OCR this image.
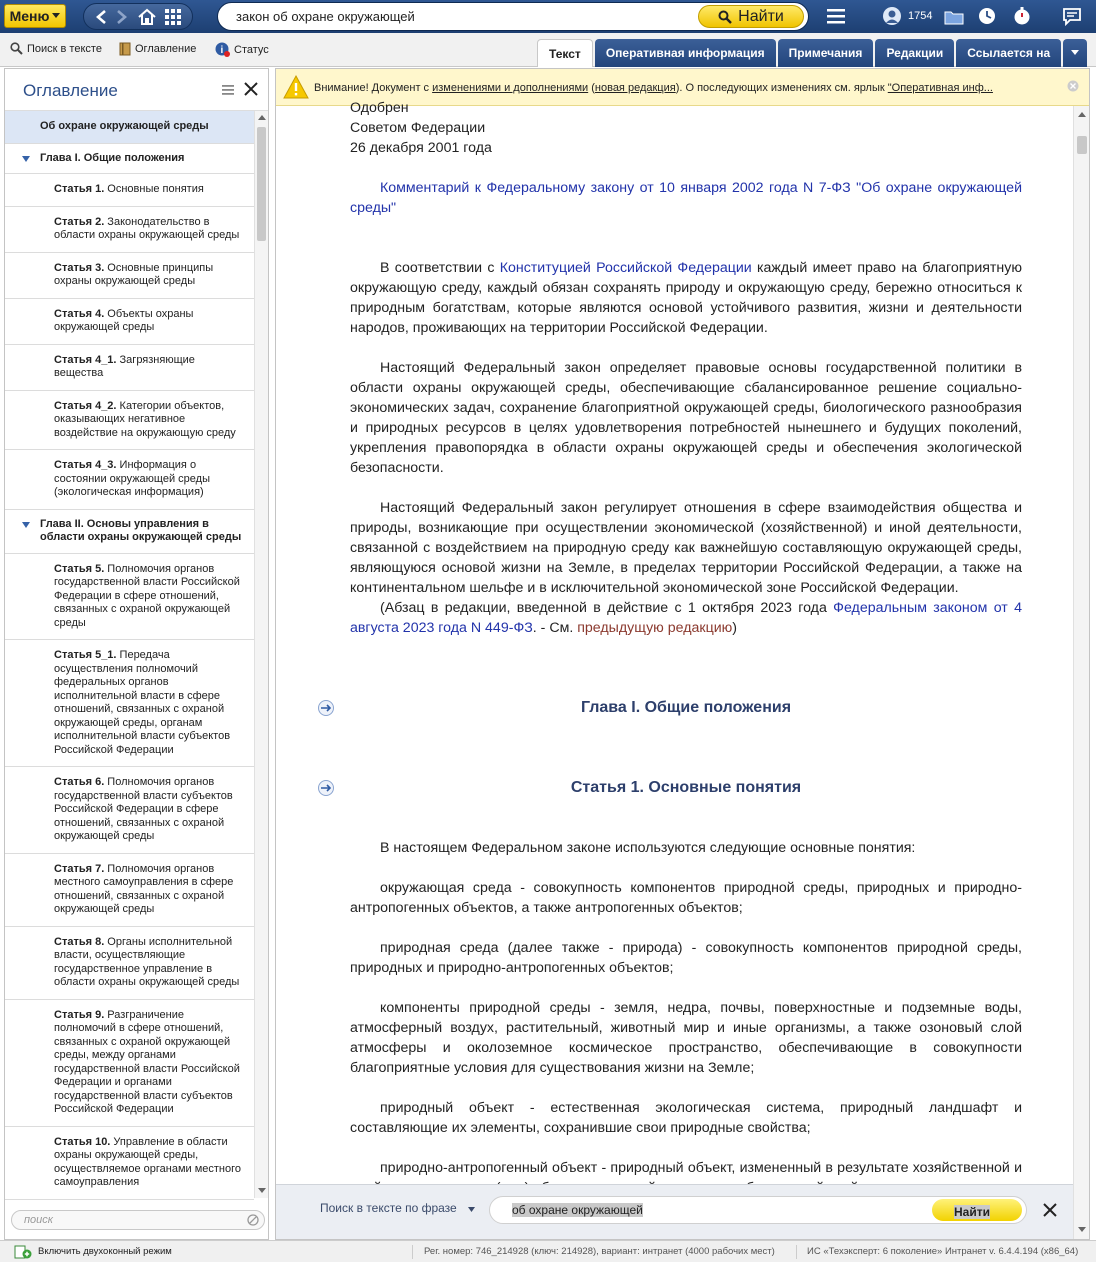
Меню	закон об охране окружающей	Найти	1754
Поиск в тексте	Оглавление i Статус	Текст	Оперативная информация	Примечания	Редакции	Ссылается на
Оглавление
Об охране окружающей среды
Глава I. Общие положения
Статья 1. Основные понятия
Статья 2. Законодательство в области охраны окружающей среды
Статья 3. Основные принципы охраны окружающей среды
Статья 4. Объекты охраны окружающей среды
Статья 4_1. Загрязняющие вещества
Статья 4_2. Категории объектов, оказывающих негативное воздействие на окружающую среду
Статья 4_3. Информация о состоянии окружающей среды (экологическая информация)
Глава II. Основы управления в области охраны окружающей среды
Статья 5. Полномочия органов государственной власти Российской Федерации в сфере отношений, связанных с охраной окружающей среды
Статья 5_1. Передача осуществления полномочий федеральных органов исполнительной власти в сфере отношений, связанных с охраной окружающей среды, органам исполнительной власти субъектов Российской Федерации
Статья 6. Полномочия органов государственной власти субъектов Российской Федерации в сфере отношений, связанных с охраной окружающей среды
Статья 7. Полномочия органов местного самоуправления в сфере отношений, связанных с охраной окружающей среды
Статья 8. Органы исполнительной власти, осуществляющие государственное управление в области охраны окружающей среды
Статья 9. Разграничение полномочий в сфере отношений, связанных с охраной окружающей среды, между органами государственной власти Российской Федерации и органами государственной власти субъектов Российской Федерации
Статья 10. Управление в области охраны окружающей среды, осуществляемое органами местного самоуправления
поиск
Внимание! Документ с изменениями и дополнениями (новая редакция). О последующих изменениях см. ярлык "Оперативная инф...

Одобрен

Советом Федерации

26 декабря 2001 года

Комментарий к Федеральному закону от 10 января 2002 года N 7-ФЗ "Об охране окружающей среды"

В соответствии с Конституцией Российской Федерации каждый имеет право на благоприятную окружающую среду, каждый обязан сохранять природу и окружающую среду, бережно относиться к природным богатствам, которые являются основой устойчивого развития, жизни и деятельности народов, проживающих на территории Российской Федерации.

Настоящий Федеральный закон определяет правовые основы государственной политики в области охраны окружающей среды, обеспечивающие сбалансированное решение социально-экономических задач, сохранение благоприятной окружающей среды, биологического разнообразия и природных ресурсов в целях удовлетворения потребностей нынешнего и будущих поколений, укрепления правопорядка в области охраны окружающей среды и обеспечения экологической безопасности.

Настоящий Федеральный закон регулирует отношения в сфере взаимодействия общества и природы, возникающие при осуществлении экономической (хозяйственной) и иной деятельности, связанной с воздействием на природную среду как важнейшую составляющую окружающей среды, являющуюся основой жизни на Земле, в пределах территории Российской Федерации, а также на континентальном шельфе и в исключительной экономической зоне Российской Федерации.

(Абзац в редакции, введенной в действие с 1 октября 2023 года Федеральным законом от 4 августа 2023 года N 449-ФЗ. - См. предыдущую редакцию)

Глава I. Общие положения
Статья 1. Основные понятия

В настоящем Федеральном законе используются следующие основные понятия:

окружающая среда - совокупность компонентов природной среды, природных и природно-антропогенных объектов, а также антропогенных объектов;

природная среда (далее также - природа) - совокупность компонентов природной среды, природных и природно-антропогенных объектов;

компоненты природной среды - земля, недра, почвы, поверхностные и подземные воды, атмосферный воздух, растительный, животный мир и иные организмы, а также озоновый слой атмосферы и околоземное космическое пространство, обеспечивающие в совокупности благоприятные условия для существования жизни на Земле;

природный объект - естественная экологическая система, природный ландшафт и составляющие их элементы, сохранившие свои природные свойства;

природно-антропогенный объект - природный объект, измененный в результате хозяйственной и

Поиск в тексте по фразе	об охране окружающей	Найти
Включить двухоконный режим	Рег. номер: 746_214928 (ключ: 214928), вариант: интранет (4000 рабочих мест)	ИС «Техэксперт: 6 поколение» Интранет v. 6.4.4.194 (x86_64)
